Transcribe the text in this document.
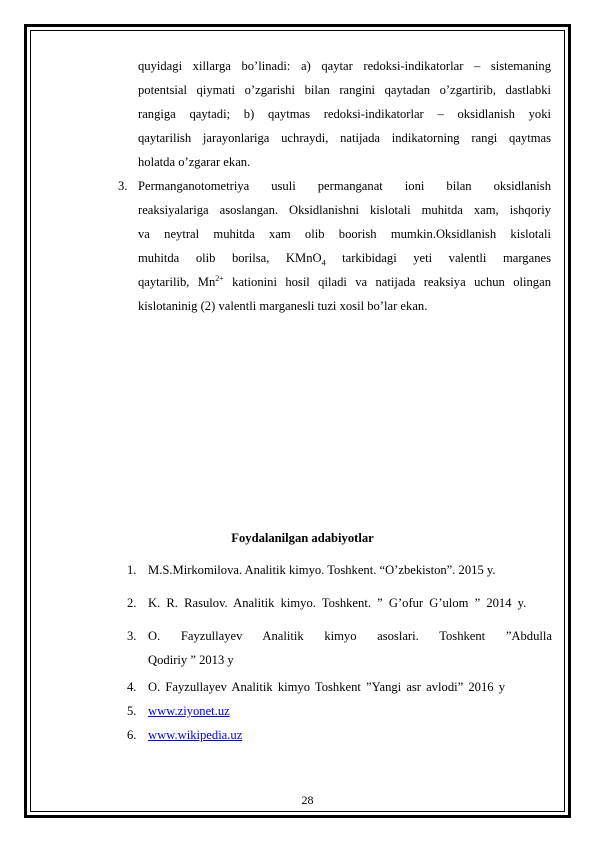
quyidagi xillarga bo’linadi: a) qaytar redoksi-indikatorlar – sistemaning
potentsial qiymati o’zgarishi bilan rangini qaytadan o’zgartirib, dastlabki
rangiga qaytadi; b) qaytmas redoksi-indikatorlar – oksidlanish yoki
qaytarilish jarayonlariga uchraydi, natijada indikatorning rangi qaytmas
holatda o’zgarar ekan.
3. Permanganotometriya usuli permanganat ioni bilan oksidlanish
reaksiyalariga asoslangan. Oksidlanishni kislotali muhitda xam, ishqoriy
va neytral muhitda xam olib boorish mumkin.Oksidlanish kislotali
muhitda olib borilsa, KMnO$_4$ tarkibidagi yeti valentli marganes
qaytarilib, $Mn^{2+}$ kationini hosil qiladi va natijada reaksiya uchun olingan
kislotaninig (2) valentli marganesli tuzi xosil bo’lar ekan.
Foydalanilgan adabiyotlar
1. M.S.Mirkomilova. Analitik kimyo. Toshkent. “O’zbekiston”. 2015 y.
2. K. R. Rasulov. Analitik kimyo. Toshkent. ” G’ofur G’ulom ” 2014 y.
3. O. Fayzullayev Analitik kimyo asoslari. Toshkent ”Abdulla
Qodiriy ” 2013 y
4. O. Fayzullayev Analitik kimyo Toshkent ”Yangi asr avlodi” 2016 y
5. www.ziyonet.uz
6. www.wikipedia.uz
28
